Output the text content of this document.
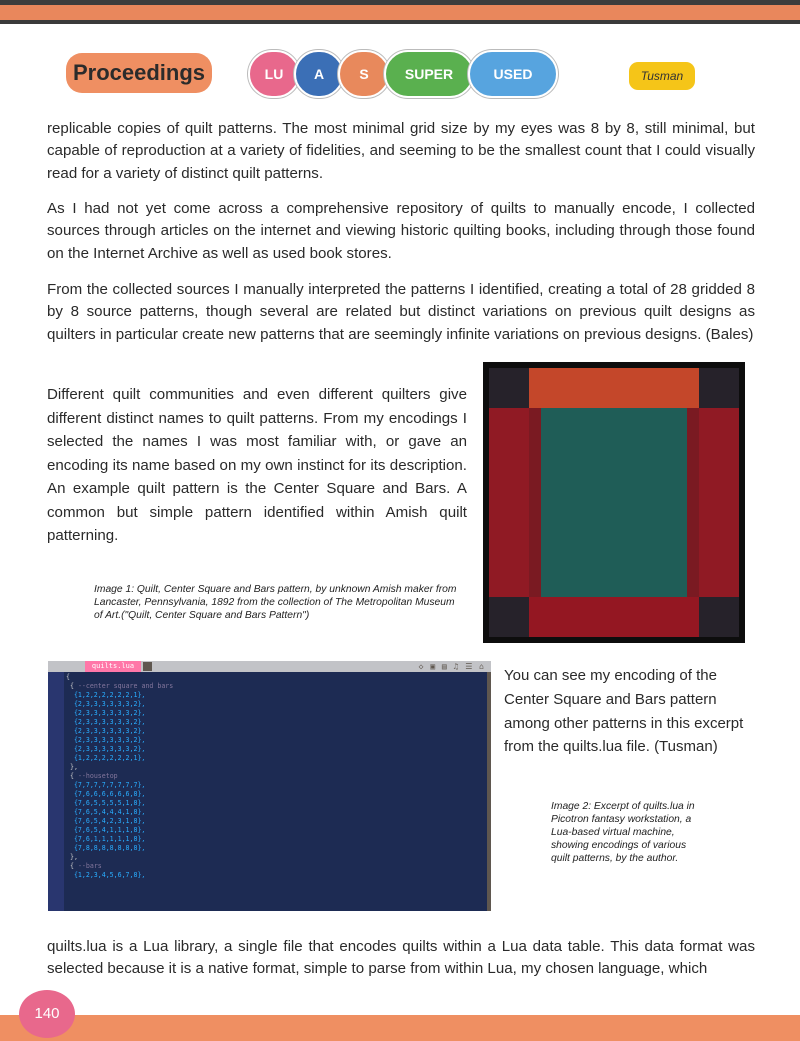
Proceedings	LU	A	S	SUPER	USED	Tusman

replicable copies of quilt patterns. The most minimal grid size by my eyes was 8 by 8, still minimal, but capable of reproduction at a variety of fidelities, and seeming to be the smallest count that I could visually read for a variety of distinct quilt patterns.

As I had not yet come across a comprehensive repository of quilts to manually encode, I collected sources through articles on the internet and viewing historic quilting books, including through those found on the Internet Archive as well as used book stores.

From the collected sources I manually interpreted the patterns I identified, creating a total of 28 gridded 8 by 8 source patterns, though several are related but distinct variations on previous quilt designs as quilters in particular create new patterns that are seemingly infinite variations on previous designs. (Bales)

Different quilt communities and even different quilters give different distinct names to quilt patterns. From my encodings I selected the names I was most familiar with, or gave an encoding its name based on my own instinct for its description. An example quilt pattern is the Center Square and Bars. A common but simple pattern identified within Amish quilt patterning.

Image 1: Quilt, Center Square and Bars pattern, by unknown Amish maker from Lancaster, Pennsylvania, 1892 from the collection of The Metropolitan Museum of Art.("Quilt, Center Square and Bars Pattern")

quilts.lua	◇ ▣ ▤ ♫ ☰ ⌂
{
{ --center square and bars
{1,2,2,2,2,2,2,1},
{2,3,3,3,3,3,3,2},
{2,3,3,3,3,3,3,2},
{2,3,3,3,3,3,3,2},
{2,3,3,3,3,3,3,2},
{2,3,3,3,3,3,3,2},
{2,3,3,3,3,3,3,2},
{1,2,2,2,2,2,2,1},
},
{ --housetop
{7,7,7,7,7,7,7,7},
{7,6,6,6,6,6,6,8},
{7,6,5,5,5,5,1,8},
{7,6,5,4,4,4,1,8},
{7,6,5,4,2,3,1,8},
{7,6,5,4,1,1,1,8},
{7,6,1,1,1,1,1,8},
{7,8,8,8,8,8,8,8},
},
{ --bars
{1,2,3,4,5,6,7,8},

You can see my encoding of the Center Square and Bars pattern among other patterns in this excerpt from the quilts.lua file. (Tusman)

Image 2: Excerpt of quilts.lua in Picotron fantasy workstation, a Lua-based virtual machine, showing encodings of various quilt patterns, by the author.

quilts.lua is a Lua library, a single file that encodes quilts within a Lua data table. This data format was selected because it is a native format, simple to parse from within Lua, my chosen language, which

140
